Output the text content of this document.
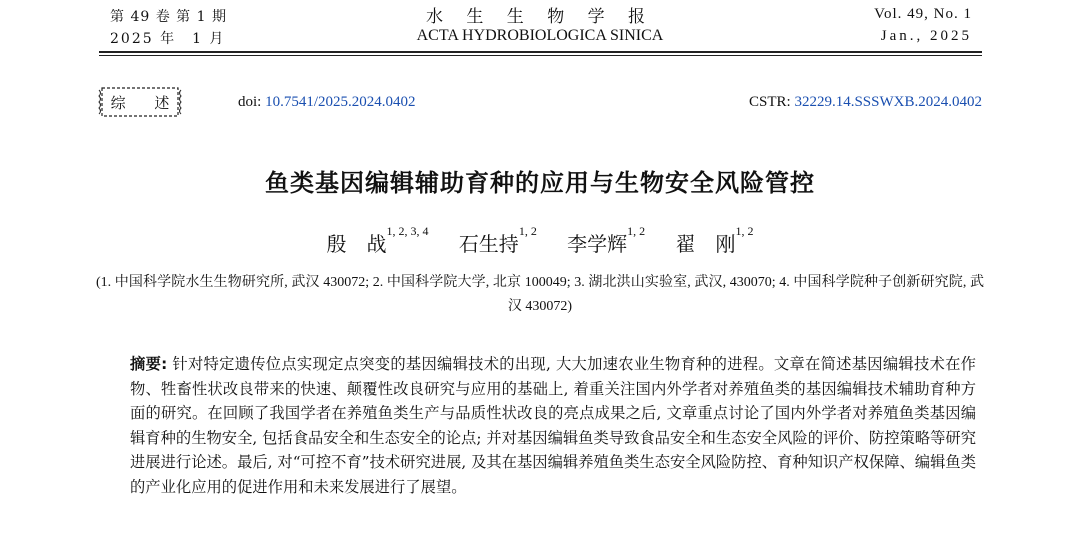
第 49 卷 第 1 期
2025 年　1 月
水 生 生 物 学 报
ACTA HYDROBIOLOGICA SINICA
Vol. 49, No. 1
Jan., 2025
综 述	doi: 10.7541/2025.2024.0402	CSTR: 32229.14.SSSWXB.2024.0402
鱼类基因编辑辅助育种的应用与生物安全风险管控
殷　战$^{1, 2, 3, 4}$ 石生持$^{1, 2}$ 李学辉$^{1, 2}$ 翟　刚$^{1, 2}$
(1. 中国科学院水生生物研究所, 武汉 430072; 2. 中国科学院大学, 北京 100049; 3. 湖北洪山实验室, 武汉, 430070; 4. 中国科学院种子创新研究院, 武汉 430072)
摘要: 针对特定遗传位点实现定点突变的基因编辑技术的出现, 大大加速农业生物育种的进程。文章在简述基因编辑技术在作物、牲畜性状改良带来的快速、颠覆性改良研究与应用的基础上, 着重关注国内外学者对养殖鱼类的基因编辑技术辅助育种方面的研究。在回顾了我国学者在养殖鱼类生产与品质性状改良的亮点成果之后, 文章重点讨论了国内外学者对养殖鱼类基因编辑育种的生物安全, 包括食品安全和生态安全的论点; 并对基因编辑鱼类导致食品安全和生态安全风险的评价、防控策略等研究进展进行论述。最后, 对“可控不育”技术研究进展, 及其在基因编辑养殖鱼类生态安全风险防控、育种知识产权保障、编辑鱼类的产业化应用的促进作用和未来发展进行了展望。
